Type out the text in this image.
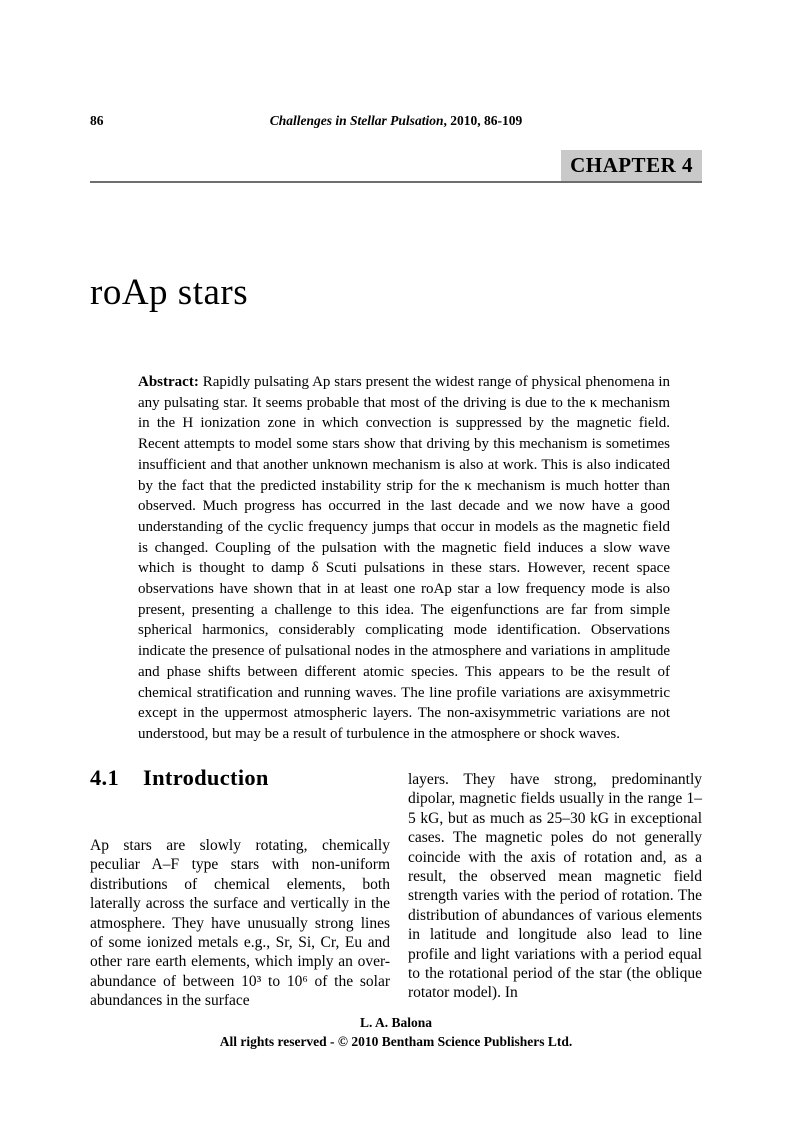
86	Challenges in Stellar Pulsation, 2010, 86-109
CHAPTER 4
roAp stars
Abstract: Rapidly pulsating Ap stars present the widest range of physical phenomena in any pulsating star. It seems probable that most of the driving is due to the κ mechanism in the H ionization zone in which convection is suppressed by the magnetic field. Recent attempts to model some stars show that driving by this mechanism is sometimes insufficient and that another unknown mechanism is also at work. This is also indicated by the fact that the predicted instability strip for the κ mechanism is much hotter than observed. Much progress has occurred in the last decade and we now have a good understanding of the cyclic frequency jumps that occur in models as the magnetic field is changed. Coupling of the pulsation with the magnetic field induces a slow wave which is thought to damp δ Scuti pulsations in these stars. However, recent space observations have shown that in at least one roAp star a low frequency mode is also present, presenting a challenge to this idea. The eigenfunctions are far from simple spherical harmonics, considerably complicating mode identification. Observations indicate the presence of pulsational nodes in the atmosphere and variations in amplitude and phase shifts between different atomic species. This appears to be the result of chemical stratification and running waves. The line profile variations are axisymmetric except in the uppermost atmospheric layers. The non-axisymmetric variations are not understood, but may be a result of turbulence in the atmosphere or shock waves.
4.1 Introduction

Ap stars are slowly rotating, chemically peculiar A–F type stars with non-uniform distributions of chemical elements, both laterally across the surface and vertically in the atmosphere. They have unusually strong lines of some ionized metals e.g., Sr, Si, Cr, Eu and other rare earth elements, which imply an over-abundance of between 10³ to 10⁶ of the solar abundances in the surface

layers. They have strong, predominantly dipolar, magnetic fields usually in the range 1–5 kG, but as much as 25–30 kG in exceptional cases. The magnetic poles do not generally coincide with the axis of rotation and, as a result, the observed mean magnetic field strength varies with the period of rotation. The distribution of abundances of various elements in latitude and longitude also lead to line profile and light variations with a period equal to the rotational period of the star (the oblique rotator model). In

L. A. Balona
All rights reserved - © 2010 Bentham Science Publishers Ltd.
